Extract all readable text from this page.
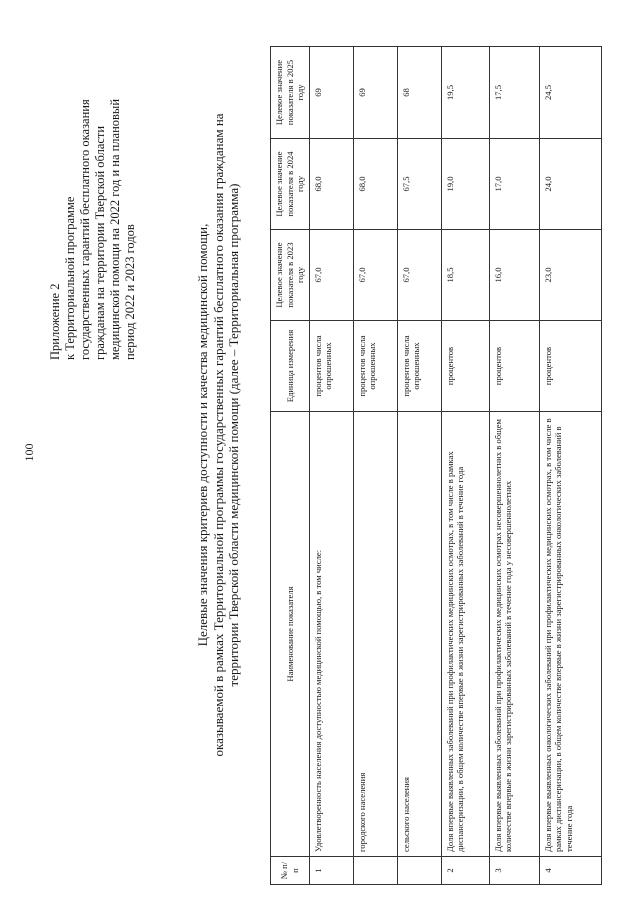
100
Приложение 2 к Территориальной программе государственных гарантий бесплатного оказания гражданам на территории Тверской области медицинской помощи на 2022 год и на плановый период 2022 и 2023 годов	Целевые значения критериев доступности и качества медицинской помощи, оказываемой в рамках Территориальной программы государственных гарантий бесплатного оказания гражданам на территории Тверской области медицинской помощи (далее – Территориальная программа)
№ п/п	Наименование показателя	Единица измерения	Целевое значение показателя в 2023 году	Целевое значение показателя в 2024 году	Целевое значение показателя в 2025 году
1	Удовлетворенность населения доступностью медицинской помощью, в том числе:	процентов числа опрошенных	67,0	68,0	69
	городского населения	процентов числа опрошенных	67,0	68,0	69
	сельского населения	процентов числа опрошенных	67,0	67,5	68
2	Доля впервые выявленных заболеваний при профилактических медицинских осмотрах, в том числе в рамках диспансеризации, в общем количестве впервые в жизни зарегистрированных заболеваний в течение года	процентов	18,5	19,0	19,5
3	Доля впервые выявленных заболеваний при профилактических медицинских осмотрах несовершеннолетних в общем количестве впервые в жизни зарегистрированных заболеваний в течение года у несовершеннолетних	процентов	16,0	17,0	17,5
4	Доля впервые выявленных онкологических заболеваний при профилактических медицинских осмотрах, в том числе в рамках диспансеризации, в общем количестве впервые в жизни зарегистрированных онкологических заболеваний в течение года	процентов	23,0	24,0	24,5
